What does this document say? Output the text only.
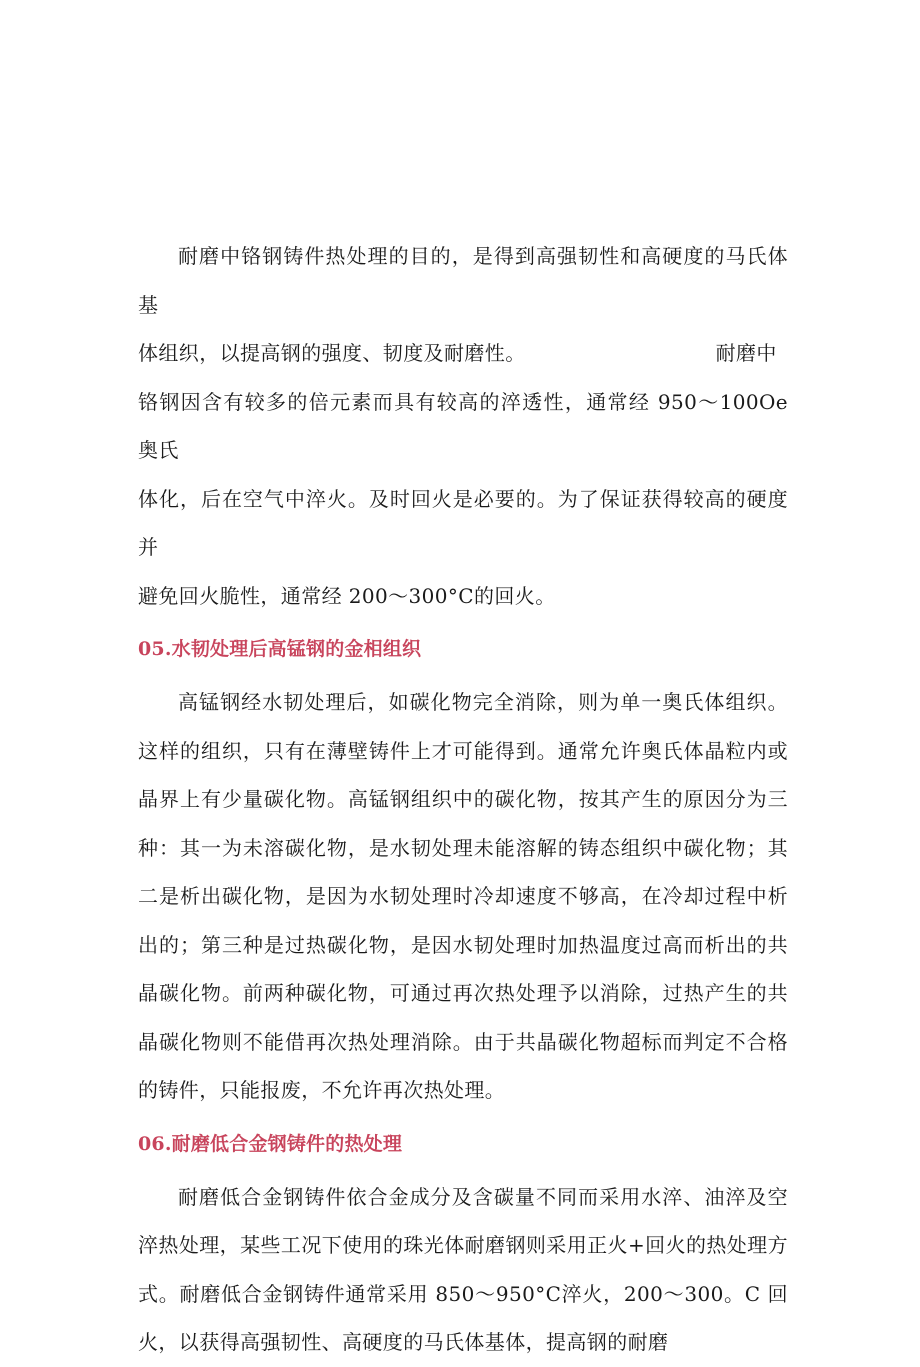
耐磨中铬钢铸件热处理的目的，是得到高强韧性和高硬度的马氏体基
体组织，以提高钢的强度、韧度及耐磨性。	耐磨中
铬钢因含有较多的倍元素而具有较高的淬透性，通常经 950～100Oe 奥氏
体化，后在空气中淬火。及时回火是必要的。为了保证获得较高的硬度并
避免回火脆性，通常经 200～300°C的回火。
05.水韧处理后高锰钢的金相组织

高锰钢经水韧处理后，如碳化物完全消除，则为单一奥氏体组织。这样的组织，只有在薄壁铸件上才可能得到。通常允许奥氏体晶粒内或晶界上有少量碳化物。高锰钢组织中的碳化物，按其产生的原因分为三种：其一为未溶碳化物，是水韧处理未能溶解的铸态组织中碳化物；其二是析出碳化物，是因为水韧处理时冷却速度不够高，在冷却过程中析出的；第三种是过热碳化物，是因水韧处理时加热温度过高而析出的共晶碳化物。前两种碳化物，可通过再次热处理予以消除，过热产生的共晶碳化物则不能借再次热处理消除。由于共晶碳化物超标而判定不合格的铸件，只能报废，不允许再次热处理。

06.耐磨低合金钢铸件的热处理

耐磨低合金钢铸件依合金成分及含碳量不同而采用水淬、油淬及空淬热处理，某些工况下使用的珠光体耐磨钢则采用正火+回火的热处理方式。耐磨低合金钢铸件通常采用 850～950°C淬火，200～300。C 回火，以获得高强韧性、高硬度的马氏体基体，提高钢的耐磨
